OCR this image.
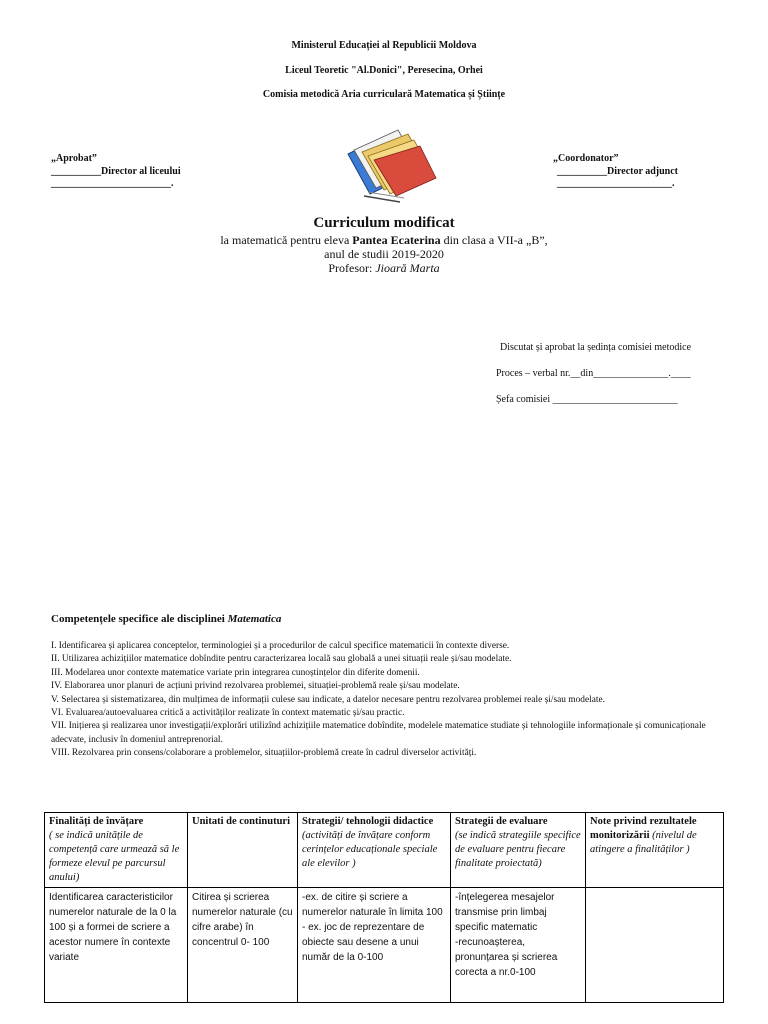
Ministerul Educației al Republicii Moldova
Liceul Teoretic "Al.Donici", Peresecina, Orhei
Comisia metodică Aria curriculară Matematica și Științe
„Aprobat”
__________Director al liceului
________________________.
„Coordonator”
__________Director adjunct
_______________________.
Curriculum modificat
la matematică pentru eleva Pantea Ecaterina din clasa a VII-a „B”,
anul de studii 2019-2020
Profesor: Jioară Marta
Discutat și aprobat la ședința comisiei metodice
Proces – verbal nr.__din_______________.____
Șefa comisiei _________________________
Competențele specifice ale disciplinei Matematica
I. Identificarea și aplicarea conceptelor, terminologiei și a procedurilor de calcul specifice matematicii în contexte diverse.
II. Utilizarea achizițiilor matematice dobîndite pentru caracterizarea locală sau globală a unei situații reale și/sau modelate.
III. Modelarea unor contexte matematice variate prin integrarea cunoștințelor din diferite domenii.
IV. Elaborarea unor planuri de acțiuni privind rezolvarea problemei, situației-problemă reale și/sau modelate.
V. Selectarea și sistematizarea, din mulțimea de informații culese sau indicate, a datelor necesare pentru rezolvarea problemei reale și/sau modelate.
VI. Evaluarea/autoevaluarea critică a activităților realizate în context matematic și/sau practic.
VII. Inițierea și realizarea unor investigații/explorări utilizînd achizițiile matematice dobîndite, modelele matematice studiate și tehnologiile informaționale și comunicaționale adecvate, inclusiv în domeniul antreprenorial.
VIII. Rezolvarea prin consens/colaborare a problemelor, situațiilor-problemă create în cadrul diverselor activități.
Finalități de învățare
( se indică unitățile de competență care urmează să le formeze elevul pe parcursul anului)	Unitati de continuturi	Strategii/ tehnologii didactice (activități de învățare conform cerințelor educaționale speciale ale elevilor )	Strategii de evaluare
(se indică strategiile specifice de evaluare pentru fiecare finalitate proiectată)	Note privind rezultatele monitorizării (nivelul de atingere a finalităților )
Identificarea caracteristicilor numerelor naturale de la 0 la 100 și a formei de scriere a acestor numere în contexte variate	Citirea și scrierea numerelor naturale (cu cifre arabe) în concentrul 0- 100	-ex. de citire și scriere a numerelor naturale în limita 100
- ex. joc de reprezentare de obiecte sau desene a unui număr de la 0-100	-înțelegerea mesajelor transmise prin limbaj specific matematic
-recunoașterea, pronunțarea și scrierea corecta a nr.0-100	
